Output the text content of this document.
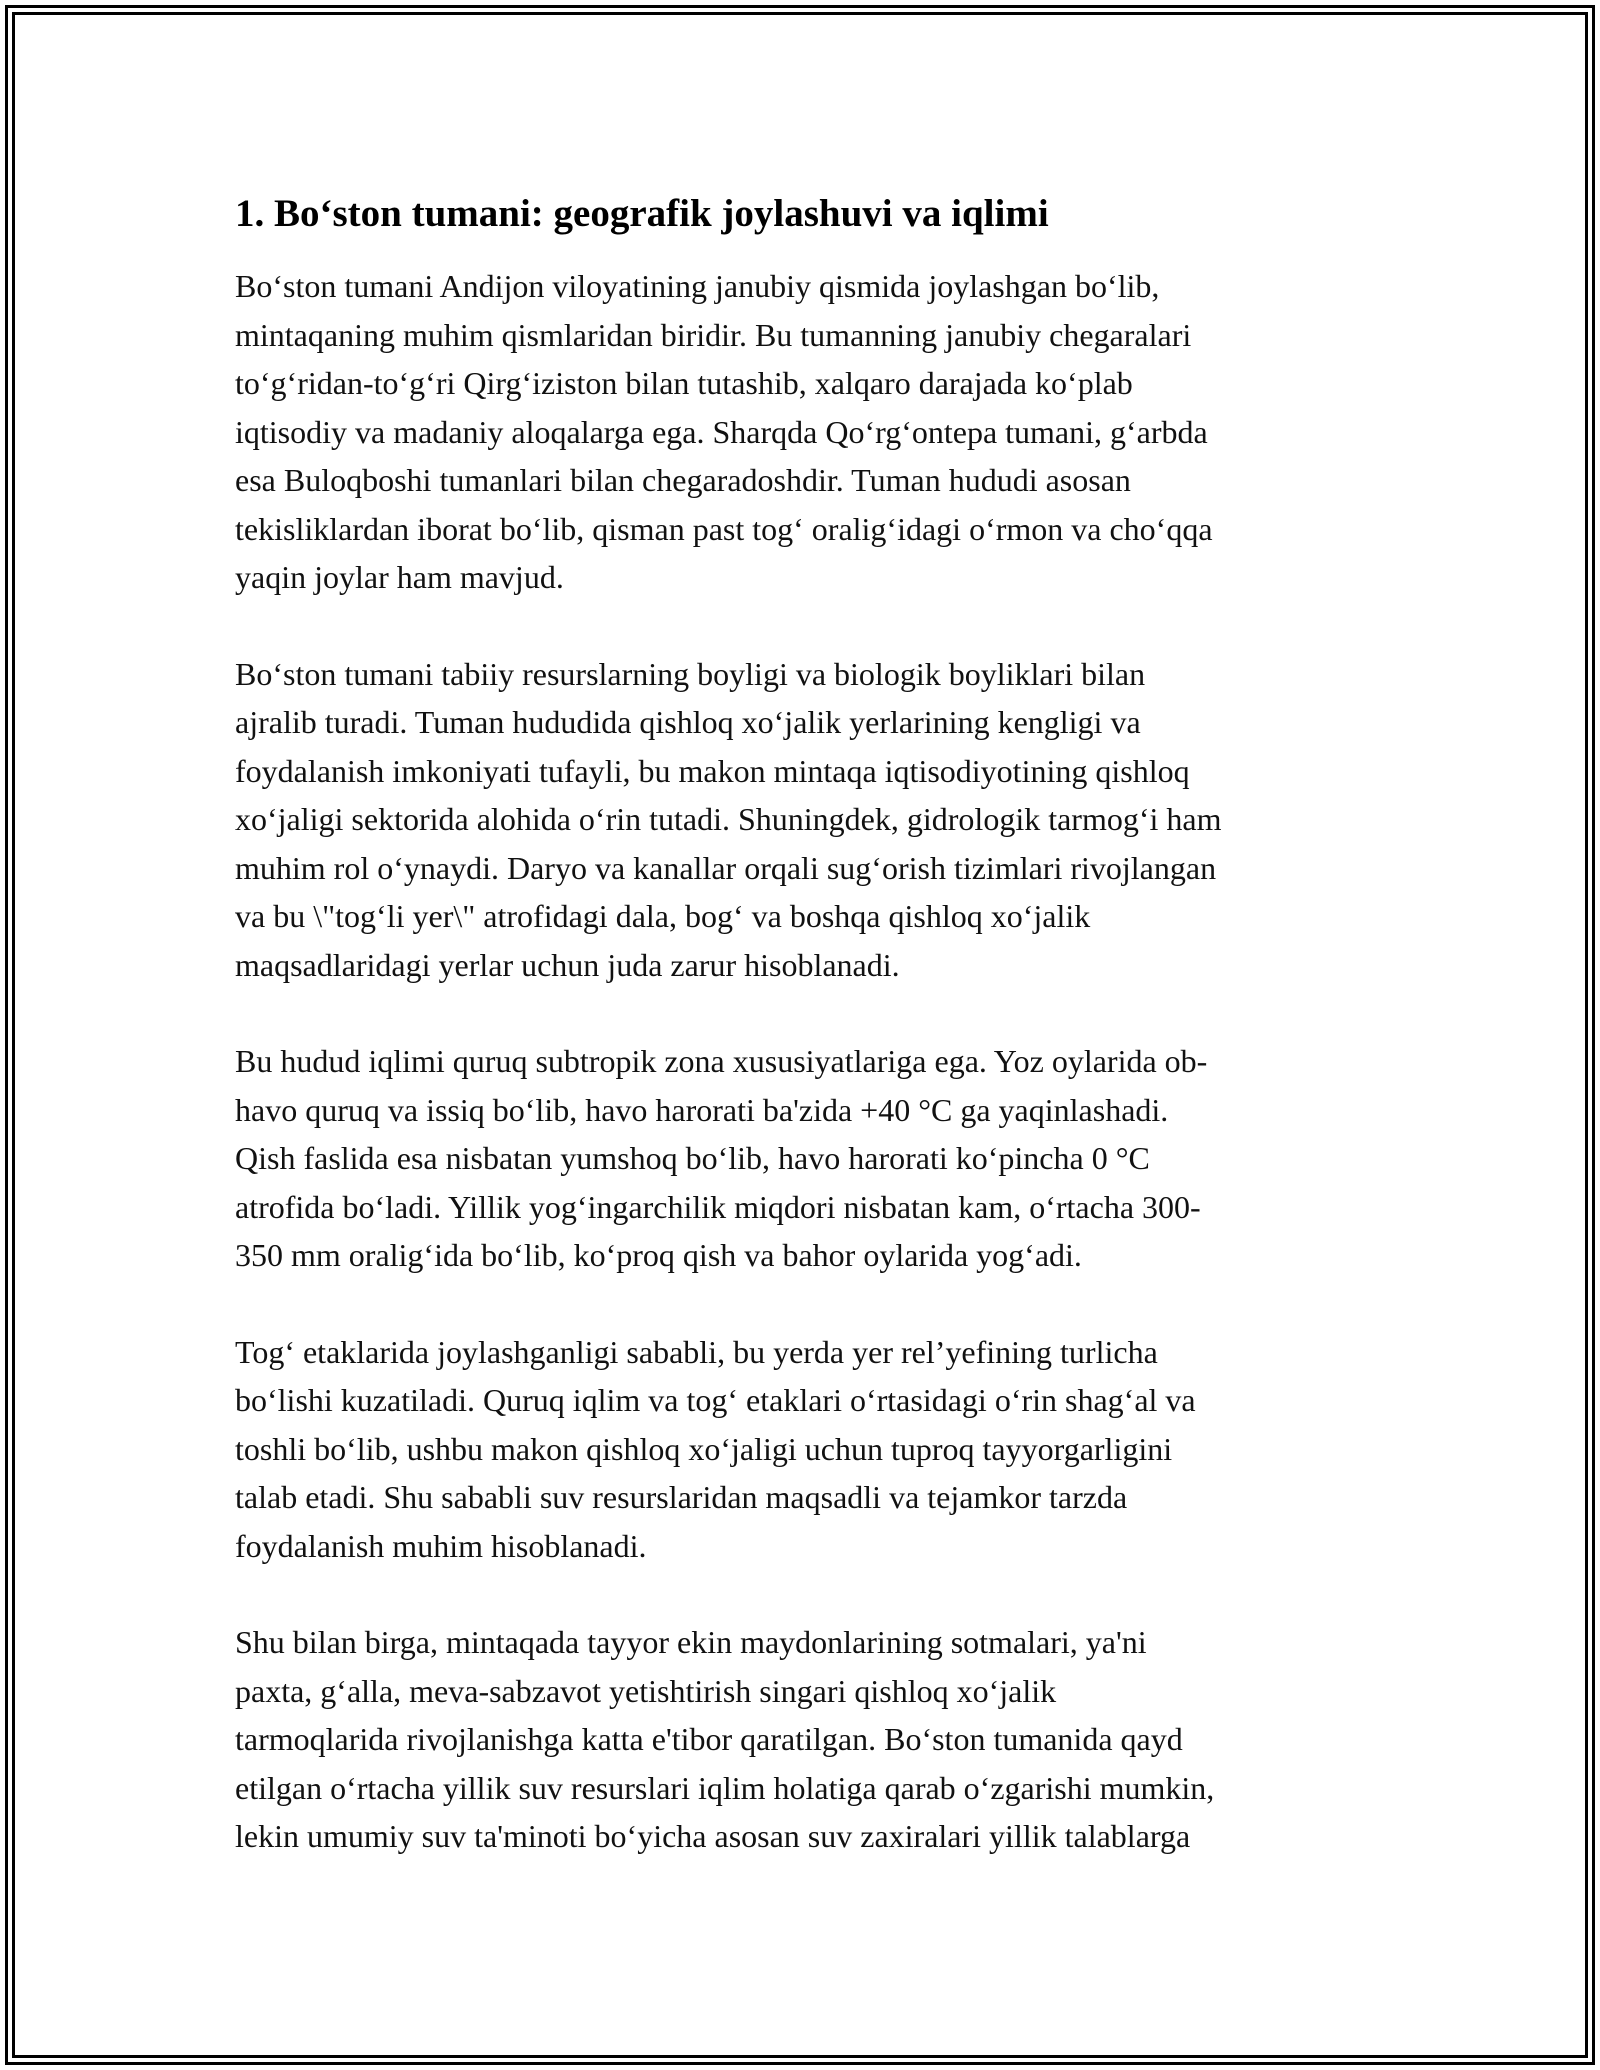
1. Bo‘ston tumani: geografik joylashuvi va iqlimi

Bo‘ston tumani Andijon viloyatining janubiy qismida joylashgan bo‘lib,
mintaqaning muhim qismlaridan biridir. Bu tumanning janubiy chegaralari
to‘g‘ridan-to‘g‘ri Qirg‘iziston bilan tutashib, xalqaro darajada ko‘plab
iqtisodiy va madaniy aloqalarga ega. Sharqda Qo‘rg‘ontepa tumani, g‘arbda
esa Buloqboshi tumanlari bilan chegaradoshdir. Tuman hududi asosan
tekisliklardan iborat bo‘lib, qisman past tog‘ oralig‘idagi o‘rmon va cho‘qqa
yaqin joylar ham mavjud.

Bo‘ston tumani tabiiy resurslarning boyligi va biologik boyliklari bilan
ajralib turadi. Tuman hududida qishloq xo‘jalik yerlarining kengligi va
foydalanish imkoniyati tufayli, bu makon mintaqa iqtisodiyotining qishloq
xo‘jaligi sektorida alohida o‘rin tutadi. Shuningdek, gidrologik tarmog‘i ham
muhim rol o‘ynaydi. Daryo va kanallar orqali sug‘orish tizimlari rivojlangan
va bu \"tog‘li yer\" atrofidagi dala, bog‘ va boshqa qishloq xo‘jalik
maqsadlaridagi yerlar uchun juda zarur hisoblanadi.

Bu hudud iqlimi quruq subtropik zona xususiyatlariga ega. Yoz oylarida ob-
havo quruq va issiq bo‘lib, havo harorati ba'zida +40 °C ga yaqinlashadi.
Qish faslida esa nisbatan yumshoq bo‘lib, havo harorati ko‘pincha 0 °C
atrofida bo‘ladi. Yillik yog‘ingarchilik miqdori nisbatan kam, o‘rtacha 300-
350 mm oralig‘ida bo‘lib, ko‘proq qish va bahor oylarida yog‘adi.

Tog‘ etaklarida joylashganligi sababli, bu yerda yer rel’yefining turlicha
bo‘lishi kuzatiladi. Quruq iqlim va tog‘ etaklari o‘rtasidagi o‘rin shag‘al va
toshli bo‘lib, ushbu makon qishloq xo‘jaligi uchun tuproq tayyorgarligini
talab etadi. Shu sababli suv resurslaridan maqsadli va tejamkor tarzda
foydalanish muhim hisoblanadi.

Shu bilan birga, mintaqada tayyor ekin maydonlarining sotmalari, ya'ni
paxta, g‘alla, meva-sabzavot yetishtirish singari qishloq xo‘jalik
tarmoqlarida rivojlanishga katta e'tibor qaratilgan. Bo‘ston tumanida qayd
etilgan o‘rtacha yillik suv resurslari iqlim holatiga qarab o‘zgarishi mumkin,
lekin umumiy suv ta'minoti bo‘yicha asosan suv zaxiralari yillik talablarga
